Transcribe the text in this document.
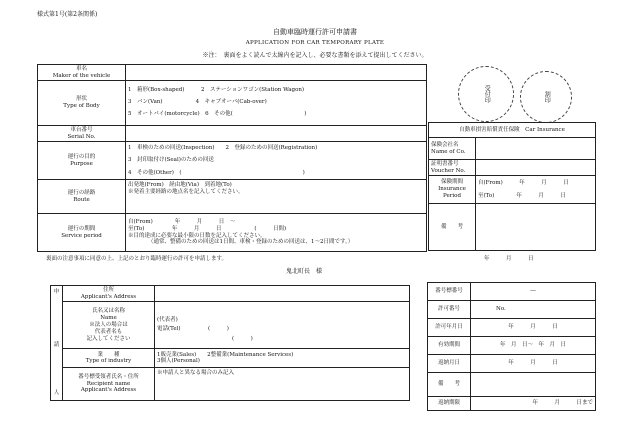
様式第1号(第2条関係)
自動車臨時運行許可申請書
APPLICATION FOR CAR TEMPORARY PLATE
※注：　裏面をよく読んで太線内を記入し、必要な書類を添えて提出してください。
受付印	割印
車名
Maker of the vehicle	

形状
Type of Body	1　箱形(Box-shaped)　　　2　ステーションワゴン(Station Wagon)
3　バン(Van)　　　　　　4　キャブオーバ(Cab-over)
5　オートバイ(motorcycle)　6　その他(　　　　　　　　　　　　　)

車台番号
Serial No.	

運行の目的
Purpose	1　車検のための回送(Inspection)　　2　登録のための回送(Registration)
3　封印取付け(Seal)のための回送
4　その他(Other)　(　　　　　　　　　　　　　　　　　　　　　　)

運行の経路
Route	出発地(From)　経由地(Via)　到着地(To)
※発着主要経路の地点名を記入してください。

運行の期間
Service period	自(From)　　　　年　　　月　　　日　～
至(To)　　　　　年　　　月　　　日　　　　　　(　　　日間)
※目的達成に必要な最小限の日数を記入してください。
（通常、整備のための回送は1日間、車検・登録のための回送は、1～2日間です。）
自動車損害賠償責任保険　Car Insurance	

保険会社名
Name of Co.	

証明書番号
Voucher No.	

保険期間
Insurance
Period	自(From)　　　年　　　月　　　日
至(To)　　　　年　　　月　　　日

備　　考	
裏面の注意事項に同意の上、上記のとおり臨時運行の許可を申請します。	年　　　月　　　日
鬼北町長　様
申
請
人	住所
Applicant's Address	

	氏名又は名称
Name
※法人の場合は
代表者名も
記入してください	(代表者)
電話(Tel)　　　　　(　　　)
(　　　)

	業　　種
Type of industry	1販売業(Sales)　　2整備業(Maintenance Services)
3個人(Personal)

	番号標受領者氏名・住所
Recipient name
Applicant's Address	※申請人と異なる場合のみ記入
番号標番号	―
許可番号	No.
許可年月日	年　　　月　　　日
有効期間	年　月　日～　年　月　日
返納月日	年　　　月　　　日
備　　考	
返納期限	年　　　月　　　日まで
